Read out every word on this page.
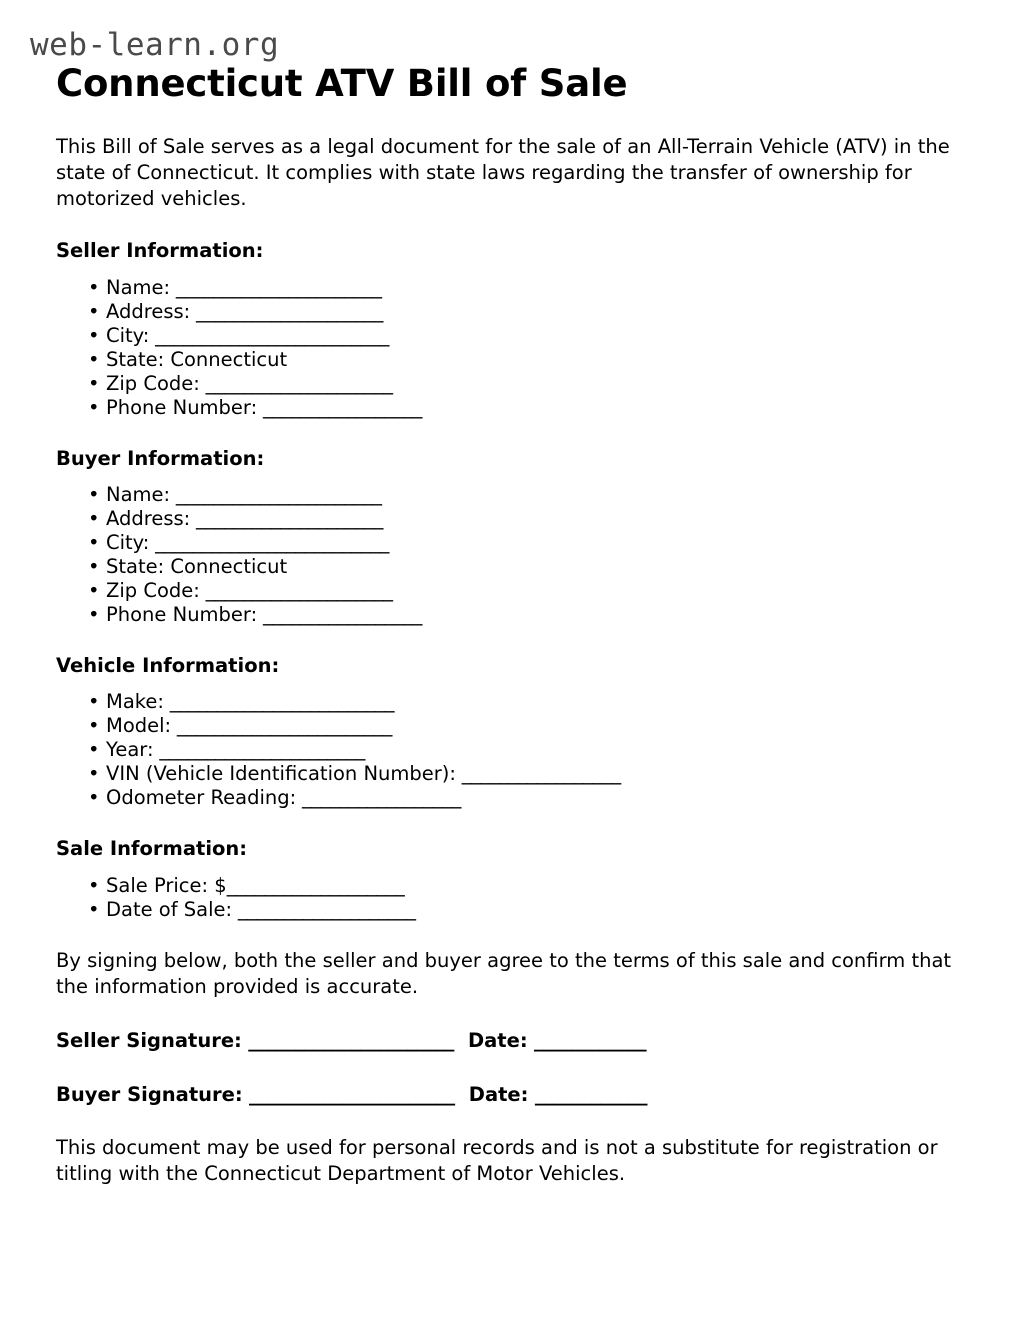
web-learn.org
Connecticut ATV Bill of Sale

This Bill of Sale serves as a legal document for the sale of an All-Terrain Vehicle (ATV) in the state of Connecticut. It complies with state laws regarding the transfer of ownership for motorized vehicles.

Seller Information:
• Name: ______________________
• Address: ____________________
• City: _________________________
• State: Connecticut
• Zip Code: ____________________
• Phone Number: _________________
Buyer Information:
• Name: ______________________
• Address: ____________________
• City: _________________________
• State: Connecticut
• Zip Code: ____________________
• Phone Number: _________________
Vehicle Information:
• Make: ________________________
• Model: _______________________
• Year: ______________________
• VIN (Vehicle Identification Number): _________________
• Odometer Reading: _________________
Sale Information:
• Sale Price: $___________________
• Date of Sale: ___________________

By signing below, both the seller and buyer agree to the terms of this sale and confirm that the information provided is accurate.

Seller Signature: ______________________ Date: ____________
Buyer Signature: ______________________ Date: ____________

This document may be used for personal records and is not a substitute for registration or titling with the Connecticut Department of Motor Vehicles.
